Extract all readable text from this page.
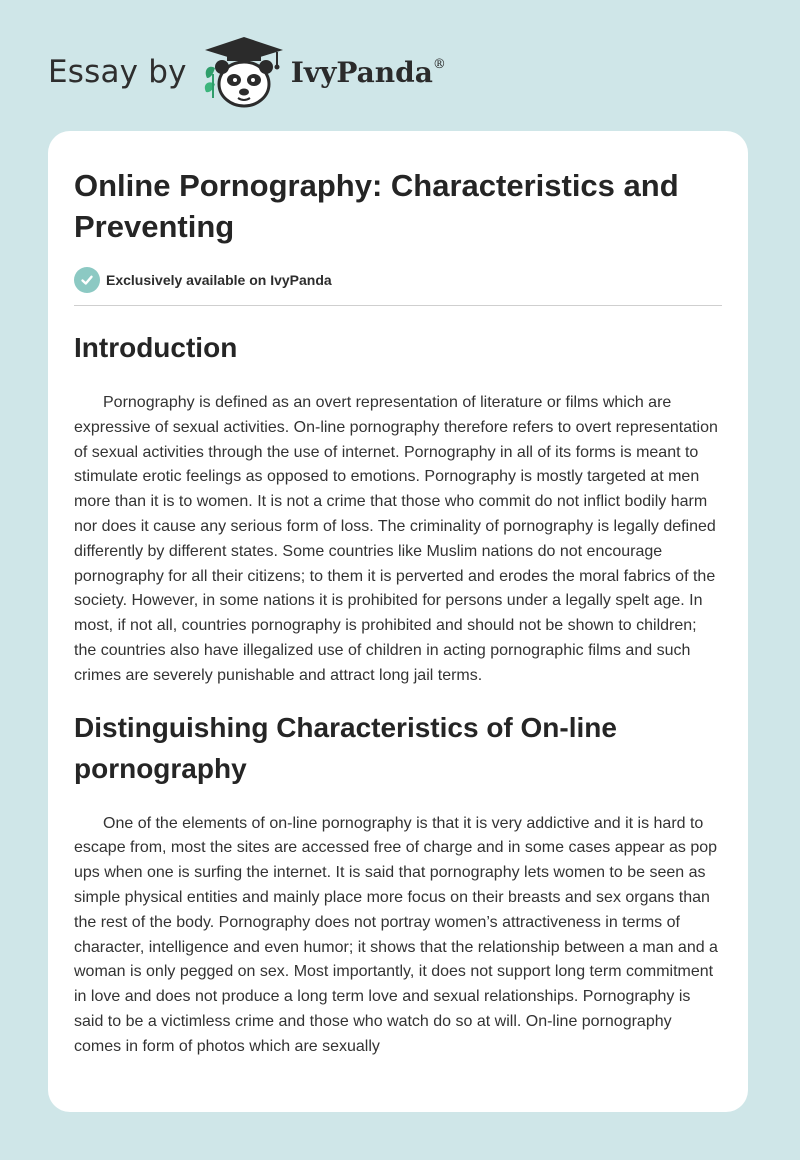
Essay by	IvyPanda®
Online Pornography: Characteristics and Preventing
Exclusively available on IvyPanda
Introduction

Pornography is defined as an overt representation of literature or films which are expressive of sexual activities. On-line pornography therefore refers to overt representation of sexual activities through the use of internet. Pornography in all of its forms is meant to stimulate erotic feelings as opposed to emotions. Pornography is mostly targeted at men more than it is to women. It is not a crime that those who commit do not inflict bodily harm nor does it cause any serious form of loss. The criminality of pornography is legally defined differently by different states. Some countries like Muslim nations do not encourage pornography for all their citizens; to them it is perverted and erodes the moral fabrics of the society. However, in some nations it is prohibited for persons under a legally spelt age. In most, if not all, countries pornography is prohibited and should not be shown to children; the countries also have illegalized use of children in acting pornographic films and such crimes are severely punishable and attract long jail terms.

Distinguishing Characteristics of On-line pornography

One of the elements of on-line pornography is that it is very addictive and it is hard to escape from, most the sites are accessed free of charge and in some cases appear as pop ups when one is surfing the internet. It is said that pornography lets women to be seen as simple physical entities and mainly place more focus on their breasts and sex organs than the rest of the body. Pornography does not portray women’s attractiveness in terms of character, intelligence and even humor; it shows that the relationship between a man and a woman is only pegged on sex. Most importantly, it does not support long term commitment in love and does not produce a long term love and sexual relationships. Pornography is said to be a victimless crime and those who watch do so at will. On-line pornography comes in form of photos which are sexually
